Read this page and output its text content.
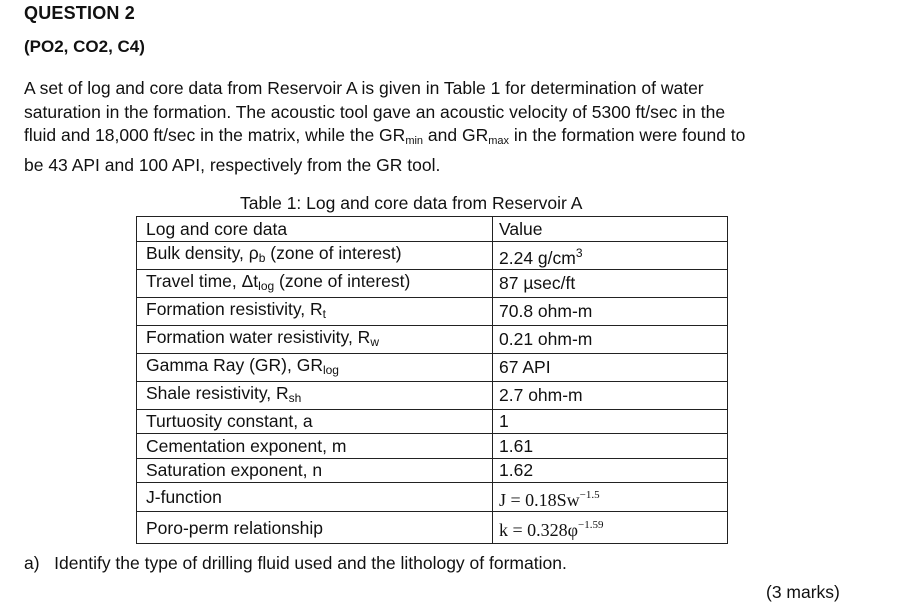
QUESTION 2
(PO2, CO2, C4)
A set of log and core data from Reservoir A is given in Table 1 for determination of water
saturation in the formation. The acoustic tool gave an acoustic velocity of 5300 ft/sec in the
fluid and 18,000 ft/sec in the matrix, while the $GR_{min}$ and $GR_{max}$ in the formation were found to
be 43 API and 100 API, respectively from the GR tool.
Table 1: Log and core data from Reservoir A
Log and core data	Value
Bulk density, ρb (zone of interest)	2.24 $g/cm^3$
Travel time, Δtlog (zone of interest)	87 µsec/ft
Formation resistivity, Rt	70.8 ohm-m
Formation water resistivity, Rw	0.21 ohm-m
Gamma Ray (GR), GRlog	67 API
Shale resistivity, Rsh	2.7 ohm-m
Turtuosity constant, a	1
Cementation exponent, m	1.61
Saturation exponent, n	1.62
J-function	$J = 0.18Sw^{-1.5}$
Poro-perm relationship	$k = 0.328\varphi^{-1.59}$
a)   Identify the type of drilling fluid used and the lithology of formation.
(3 marks)
